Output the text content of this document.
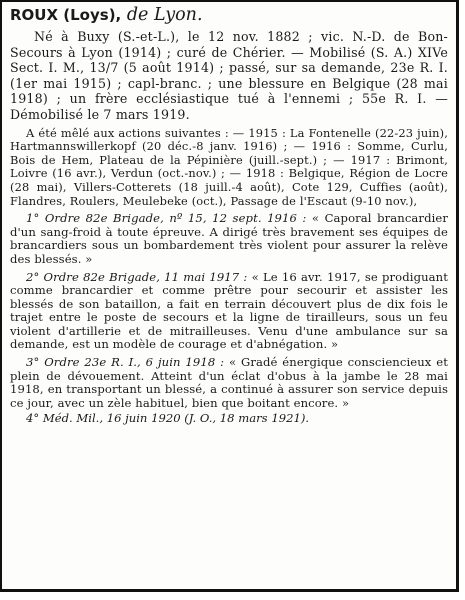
ROUX (Loys), de Lyon.

Né à Buxy (S.-et-L.), le 12 nov. 1882 ; vic. N.-D. de Bon-Secours à Lyon (1914) ; curé de Chérier. — Mobilisé (S. A.) XIVe Sect. I. M., 13/7 (5 août 1914) ; passé, sur sa demande, 23e R. I. (1er mai 1915) ; capl-branc. ; une blessure en Belgique (28 mai 1918) ; un frère ecclésiastique tué à l'ennemi ; 55e R. I. — Démobilisé le 7 mars 1919.

A été mêlé aux actions suivantes : — 1915 : La Fontenelle (22-23 juin), Hartmannswillerkopf (20 déc.-8 janv. 1916) ; — 1916 : Somme, Curlu, Bois de Hem, Plateau de la Pépinière (juill.-sept.) ; — 1917 : Brimont, Loivre (16 avr.), Verdun (oct.-nov.) ; — 1918 : Belgique, Région de Locre (28 mai), Villers-Cotterets (18 juill.-4 août), Cote 129, Cuffies (août), Flandres, Roulers, Meulebeke (oct.), Passage de l'Escaut (9-10 nov.),

1° Ordre 82e Brigade, nº 15, 12 sept. 1916 : « Caporal brancardier d'un sang-froid à toute épreuve. A dirigé très bravement ses équipes de brancardiers sous un bombardement très violent pour assurer la relève des blessés. »

2° Ordre 82e Brigade, 11 mai 1917 : « Le 16 avr. 1917, se prodiguant comme brancardier et comme prêtre pour secourir et assister les blessés de son bataillon, a fait en terrain découvert plus de dix fois le trajet entre le poste de secours et la ligne de tirailleurs, sous un feu violent d'artillerie et de mitrailleuses. Venu d'une ambulance sur sa demande, est un modèle de courage et d'abnégation. »

3° Ordre 23e R. I., 6 juin 1918 : « Gradé énergique consciencieux et plein de dévouement. Atteint d'un éclat d'obus à la jambe le 28 mai 1918, en transportant un blessé, a continué à assurer son service depuis ce jour, avec un zèle habituel, bien que boitant encore. »

4° Méd. Mil., 16 juin 1920 (J. O., 18 mars 1921).
